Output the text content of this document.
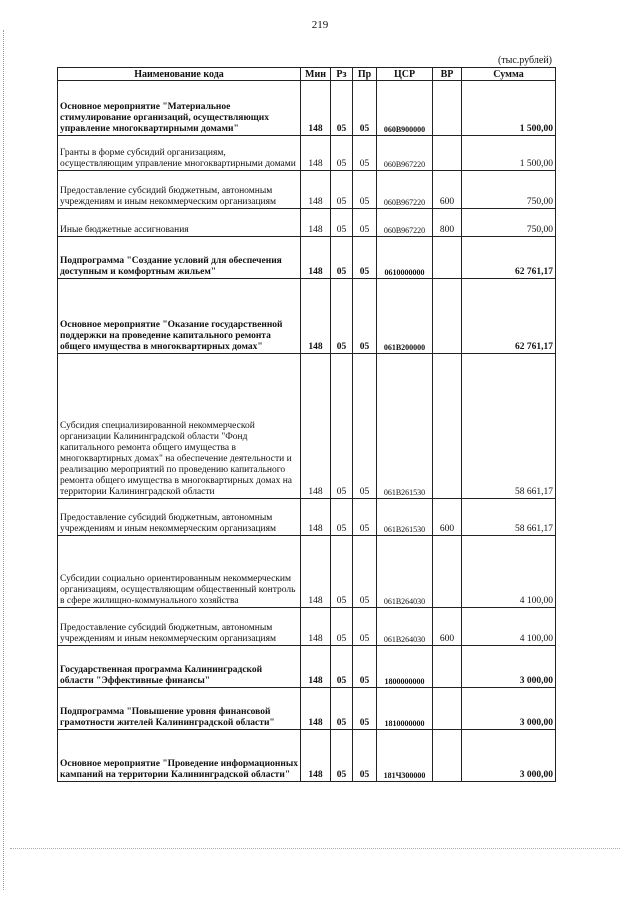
219
(тыс.рублей)
Наименование кода	Мин	Рз	Пр	ЦСР	ВР	Сумма
Основное мероприятие "Материальное стимулирование организаций, осуществляющих управление многоквартирными домами"	148	05	05	060В900000		1 500,00
Гранты в форме субсидий организациям, осуществляющим управление многоквартирными домами	148	05	05	060В967220		1 500,00
Предоставление субсидий бюджетным, автономным учреждениям и иным некоммерческим организациям	148	05	05	060В967220	600	750,00
Иные бюджетные ассигнования	148	05	05	060В967220	800	750,00
Подпрограмма "Создание условий для обеспечения доступным и комфортным жильем"	148	05	05	0610000000		62 761,17
Основное мероприятие "Оказание государственной поддержки на проведение капитального ремонта общего имущества в многоквартирных домах"	148	05	05	061В200000		62 761,17
Субсидия специализированной некоммерческой организации Калининградской области "Фонд капитального ремонта общего имущества в многоквартирных домах" на обеспечение деятельности и реализацию мероприятий по проведению капитального ремонта общего имущества в многоквартирных домах на территории Калининградской области	148	05	05	061В261530		58 661,17
Предоставление субсидий бюджетным, автономным учреждениям и иным некоммерческим организациям	148	05	05	061В261530	600	58 661,17
Субсидии социально ориентированным некоммерческим организациям, осуществляющим общественный контроль в сфере жилищно-коммунального хозяйства	148	05	05	061В264030		4 100,00
Предоставление субсидий бюджетным, автономным учреждениям и иным некоммерческим организациям	148	05	05	061В264030	600	4 100,00
Государственная программа Калининградской области "Эффективные финансы"	148	05	05	1800000000		3 000,00
Подпрограмма "Повышение уровня финансовой грамотности жителей Калининградской области"	148	05	05	1810000000		3 000,00
Основное мероприятие "Проведение информационных кампаний на территории Калининградской области"	148	05	05	181Ч300000		3 000,00
